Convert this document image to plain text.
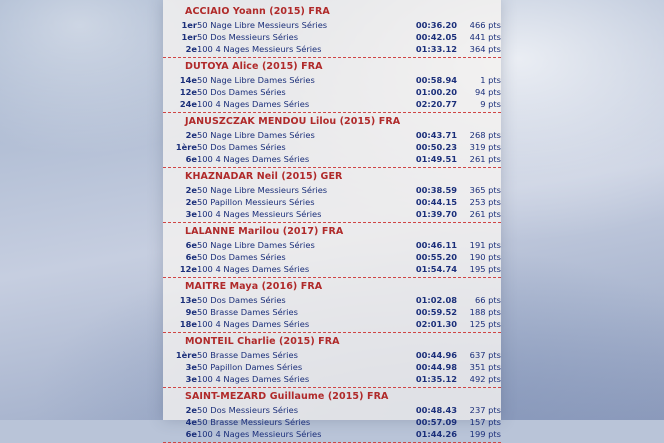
ACCIAIO Yoann (2015) FRA
1er	50 Nage Libre Messieurs Séries	00:36.20	466 pts
1er	50 Dos Messieurs Séries	00:42.05	441 pts
2e	100 4 Nages Messieurs Séries	01:33.12	364 pts
DUTOYA Alice (2015) FRA
14e	50 Nage Libre Dames Séries	00:58.94	1 pts
12e	50 Dos Dames Séries	01:00.20	94 pts
24e	100 4 Nages Dames Séries	02:20.77	9 pts
JANUSZCZAK MENDOU Lilou (2015) FRA
2e	50 Nage Libre Dames Séries	00:43.71	268 pts
1ère	50 Dos Dames Séries	00:50.23	319 pts
6e	100 4 Nages Dames Séries	01:49.51	261 pts
KHAZNADAR Neil (2015) GER
2e	50 Nage Libre Messieurs Séries	00:38.59	365 pts
2e	50 Papillon Messieurs Séries	00:44.15	253 pts
3e	100 4 Nages Messieurs Séries	01:39.70	261 pts
LALANNE Marilou (2017) FRA
6e	50 Nage Libre Dames Séries	00:46.11	191 pts
6e	50 Dos Dames Séries	00:55.20	190 pts
12e	100 4 Nages Dames Séries	01:54.74	195 pts
MAITRE Maya (2016) FRA
13e	50 Dos Dames Séries	01:02.08	66 pts
9e	50 Brasse Dames Séries	00:59.52	188 pts
18e	100 4 Nages Dames Séries	02:01.30	125 pts
MONTEIL Charlie (2015) FRA
1ère	50 Brasse Dames Séries	00:44.96	637 pts
3e	50 Papillon Dames Séries	00:44.98	351 pts
3e	100 4 Nages Dames Séries	01:35.12	492 pts
SAINT-MEZARD Guillaume (2015) FRA
2e	50 Dos Messieurs Séries	00:48.43	237 pts
4e	50 Brasse Messieurs Séries	00:57.09	157 pts
6e	100 4 Nages Messieurs Séries	01:44.26	199 pts
